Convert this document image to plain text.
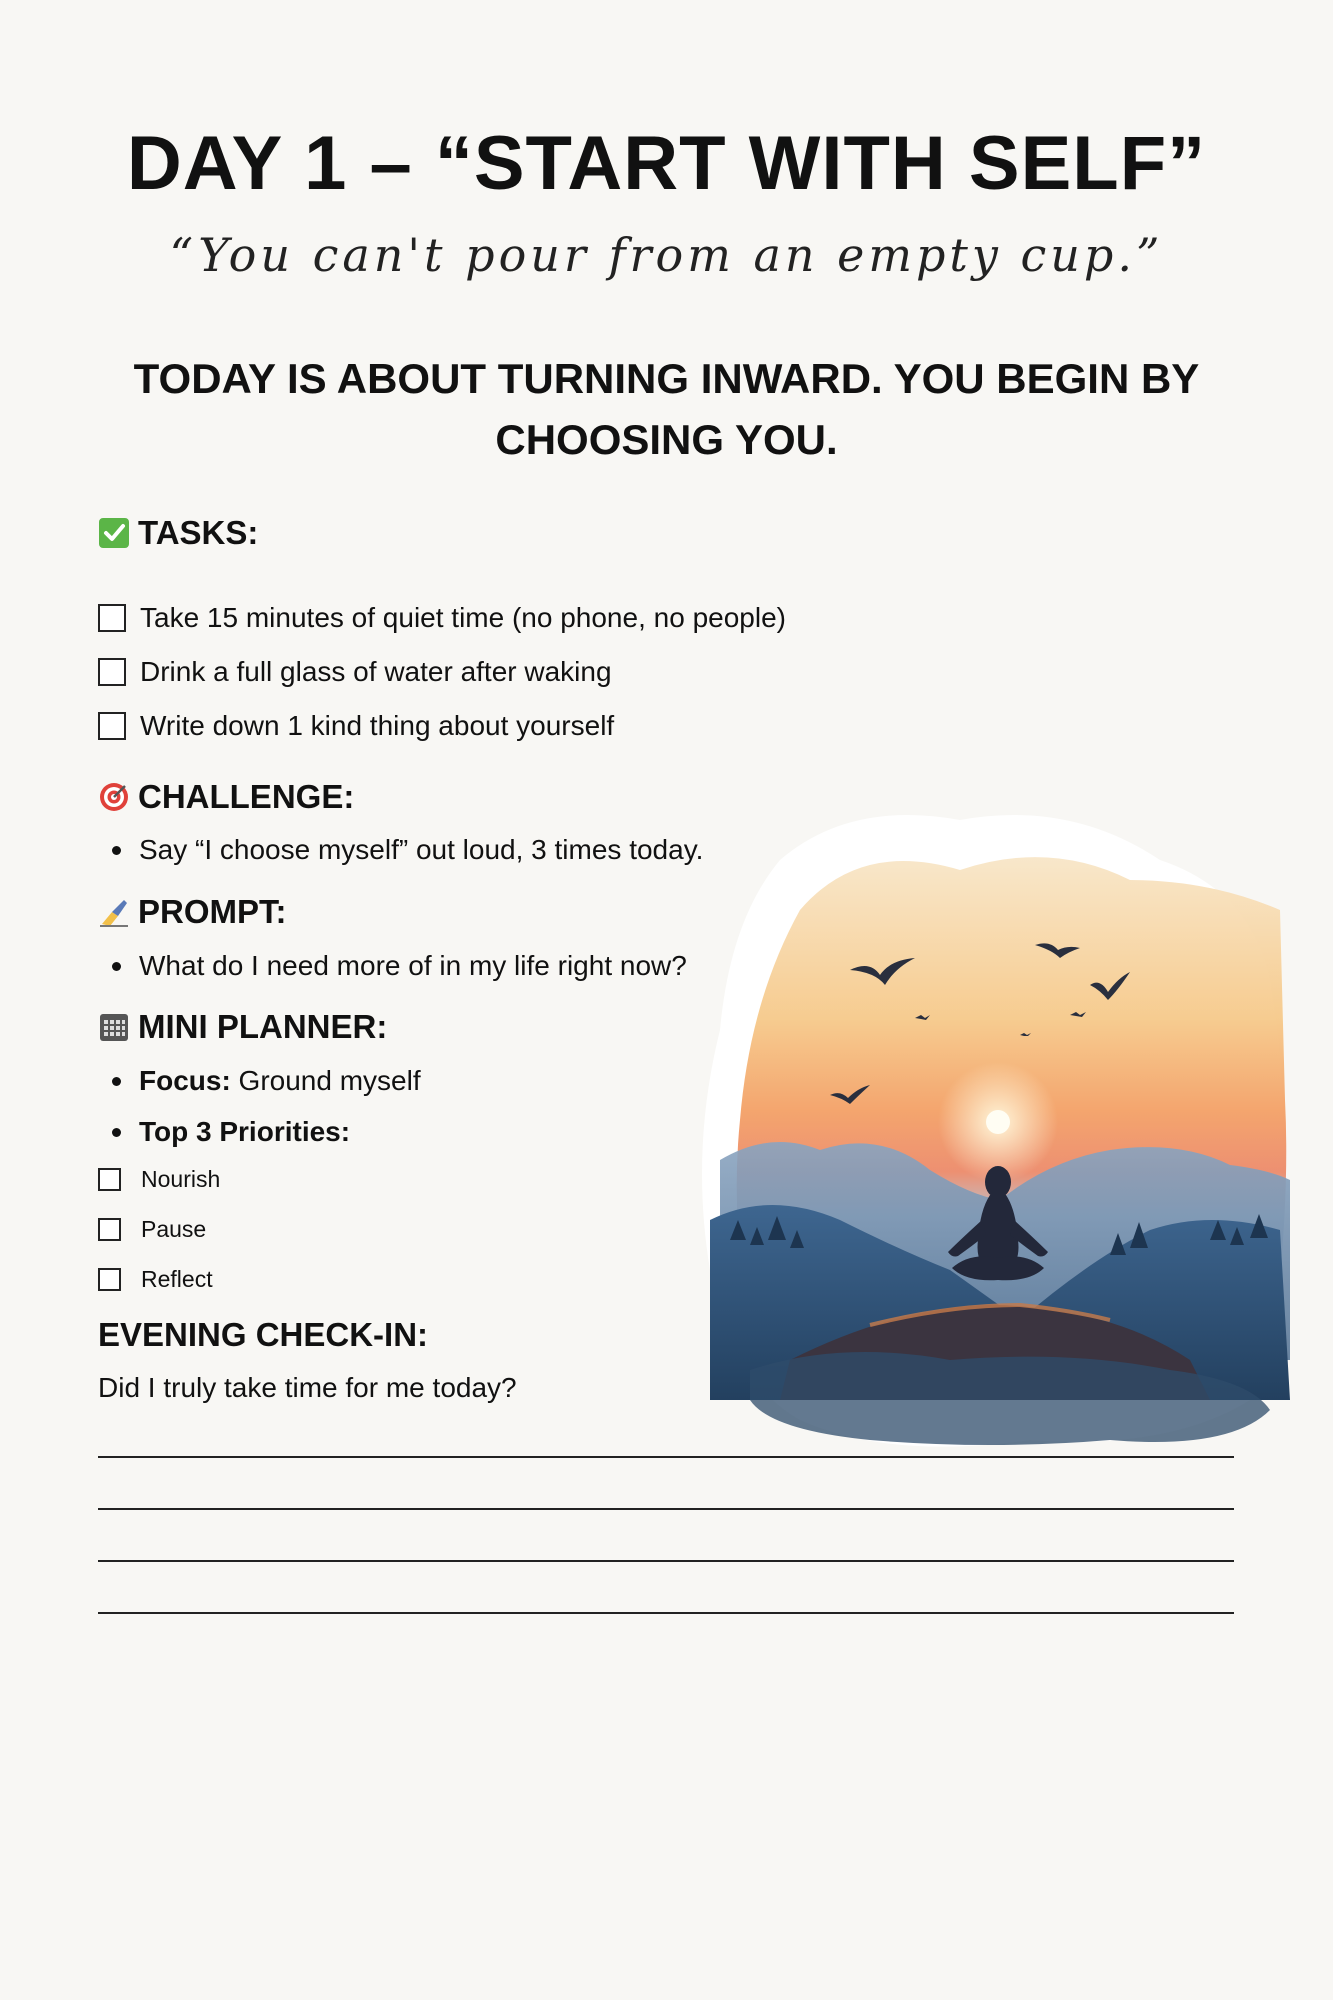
DAY 1 – “START WITH SELF”
“You can't pour from an empty cup.”
TODAY IS ABOUT TURNING INWARD. YOU BEGIN BY CHOOSING YOU.
TASKS:
Take 15 minutes of quiet time (no phone, no people)
Drink a full glass of water after waking
Write down 1 kind thing about yourself
CHALLENGE:
Say “I choose myself” out loud, 3 times today.
PROMPT:
What do I need more of in my life right now?
MINI PLANNER:
Focus: Ground myself
Top 3 Priorities:
Nourish
Pause
Reflect
EVENING CHECK-IN:
Did I truly take time for me today?
